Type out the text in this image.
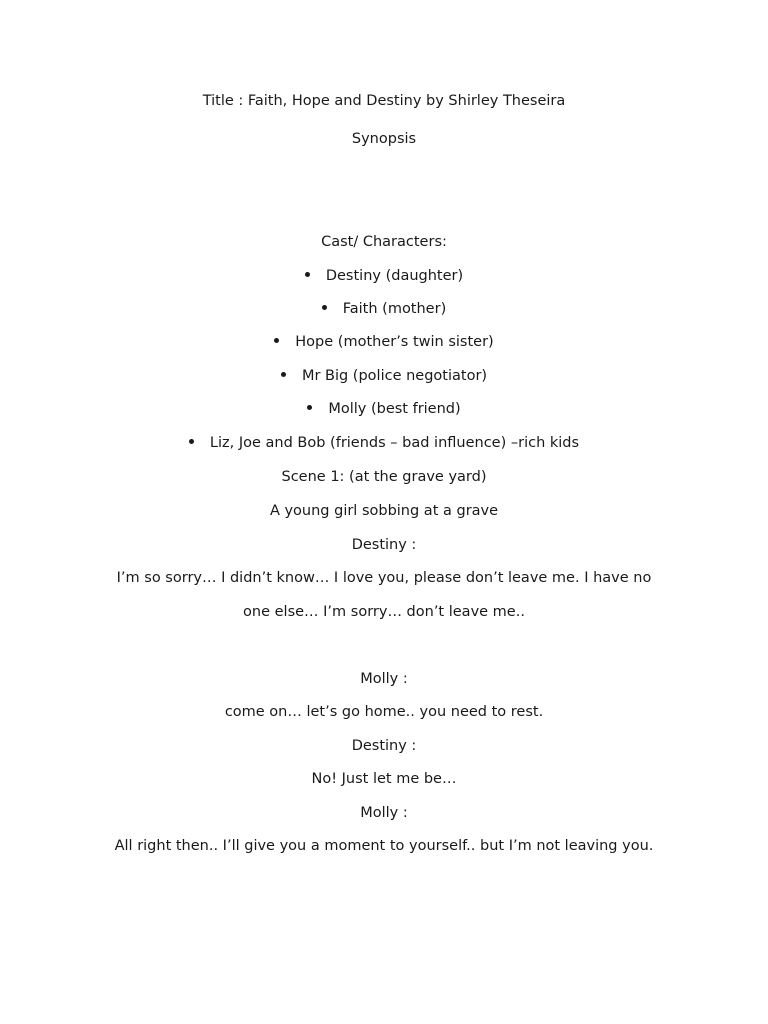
Title : Faith, Hope and Destiny by Shirley Theseira
Synopsis
Cast/ Characters:
Destiny (daughter)
Faith (mother)
Hope (mother’s twin sister)
Mr Big (police negotiator)
Molly (best friend)
Liz, Joe and Bob (friends – bad influence) –rich kids
Scene 1: (at the grave yard)
A young girl sobbing at a grave
Destiny :
I’m so sorry… I didn’t know… I love you, please don’t leave me. I have no
one else… I’m sorry… don’t leave me..
Molly :
come on… let’s go home.. you need to rest.
Destiny :
No! Just let me be…
Molly :
All right then.. I’ll give you a moment to yourself.. but I’m not leaving you.
